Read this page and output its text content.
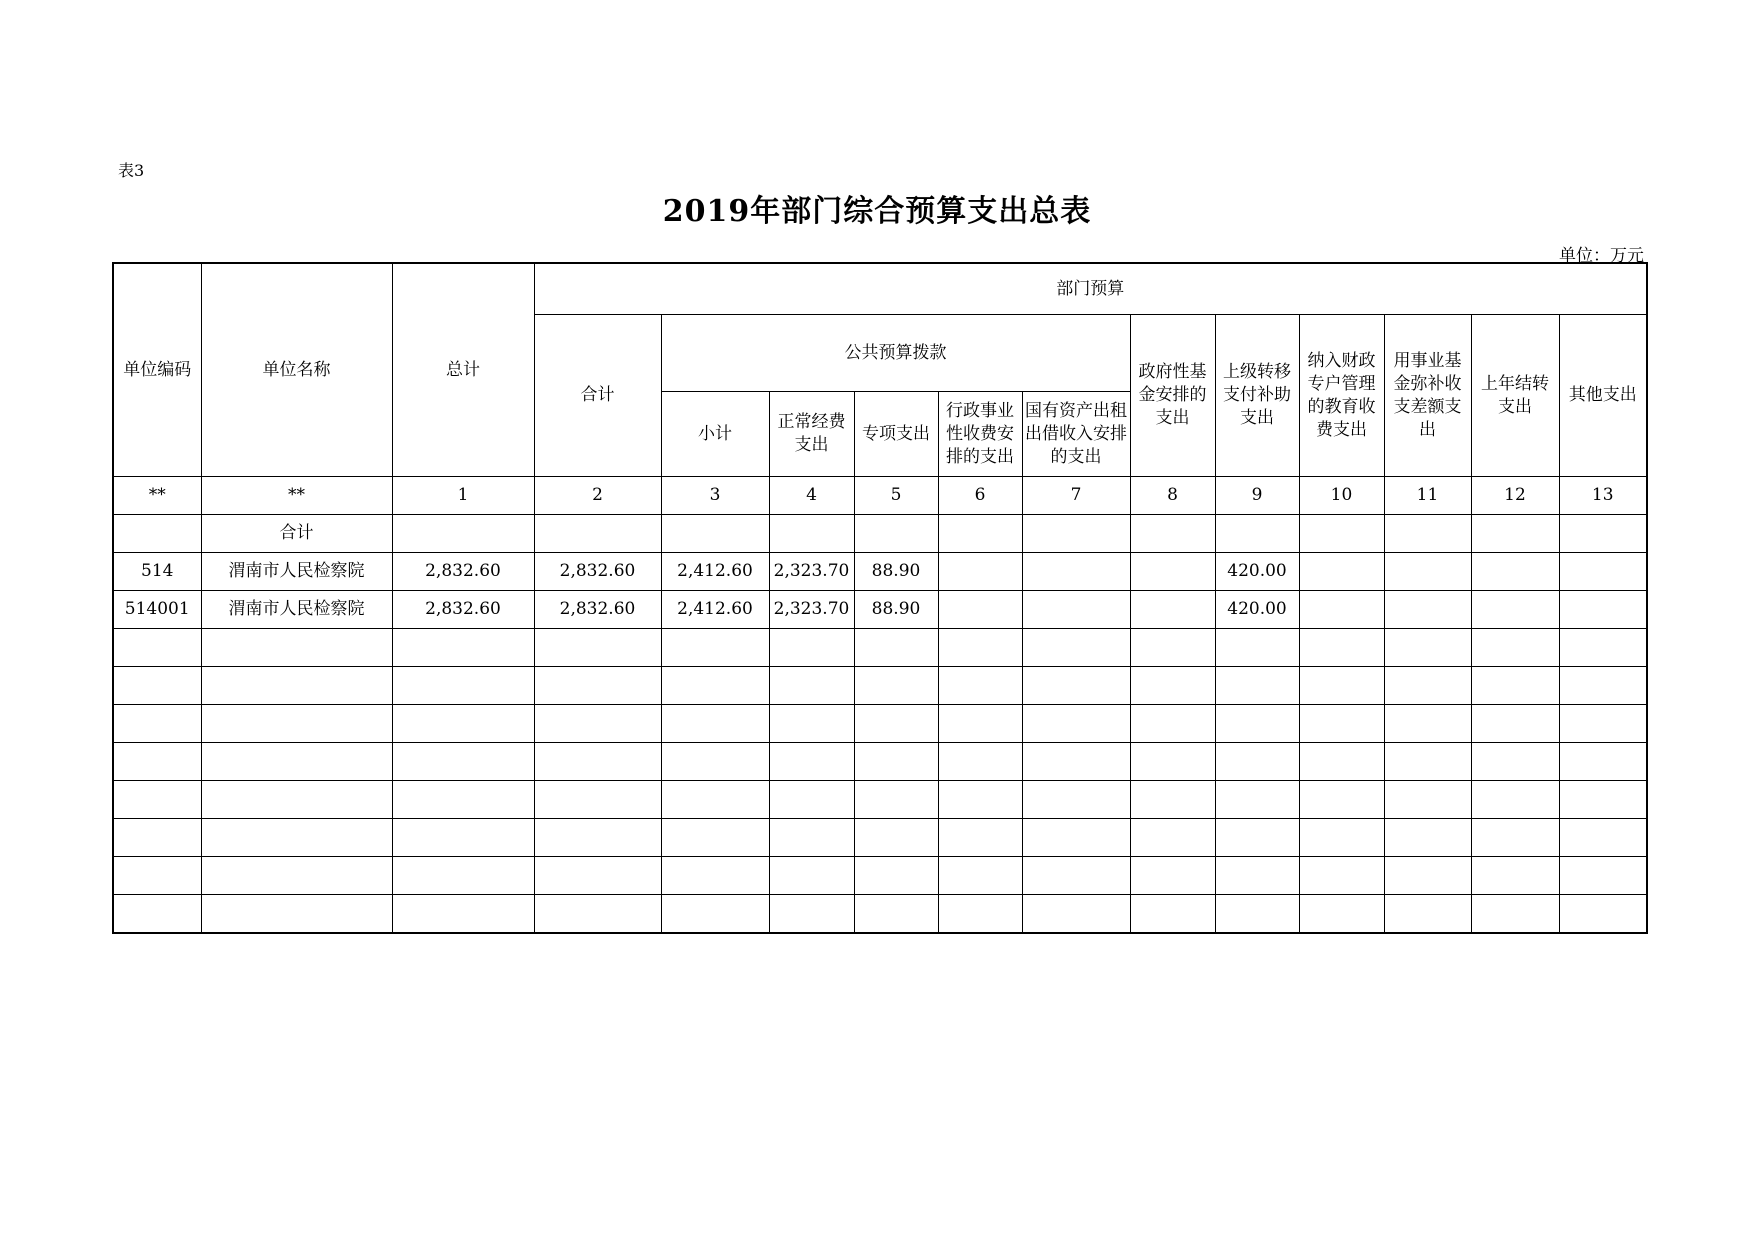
表3
2019年部门综合预算支出总表
单位：万元
单位编码	单位名称	总计	部门预算											
			合计	公共预算拨款					政府性基金安排的支出	上级转移支付补助支出	纳入财政专户管理的教育收费支出	用事业基金弥补收支差额支出	上年结转支出	其他支出
				小计	正常经费支出	专项支出	行政事业性收费安排的支出	国有资产出租出借收入安排的支出						
**	**	1	2	3	4	5	6	7	8	9	10	11	12	13
	合计													
514	渭南市人民检察院	2,832.60	2,832.60	2,412.60	2,323.70	88.90				420.00				
514001	渭南市人民检察院	2,832.60	2,832.60	2,412.60	2,323.70	88.90				420.00				
